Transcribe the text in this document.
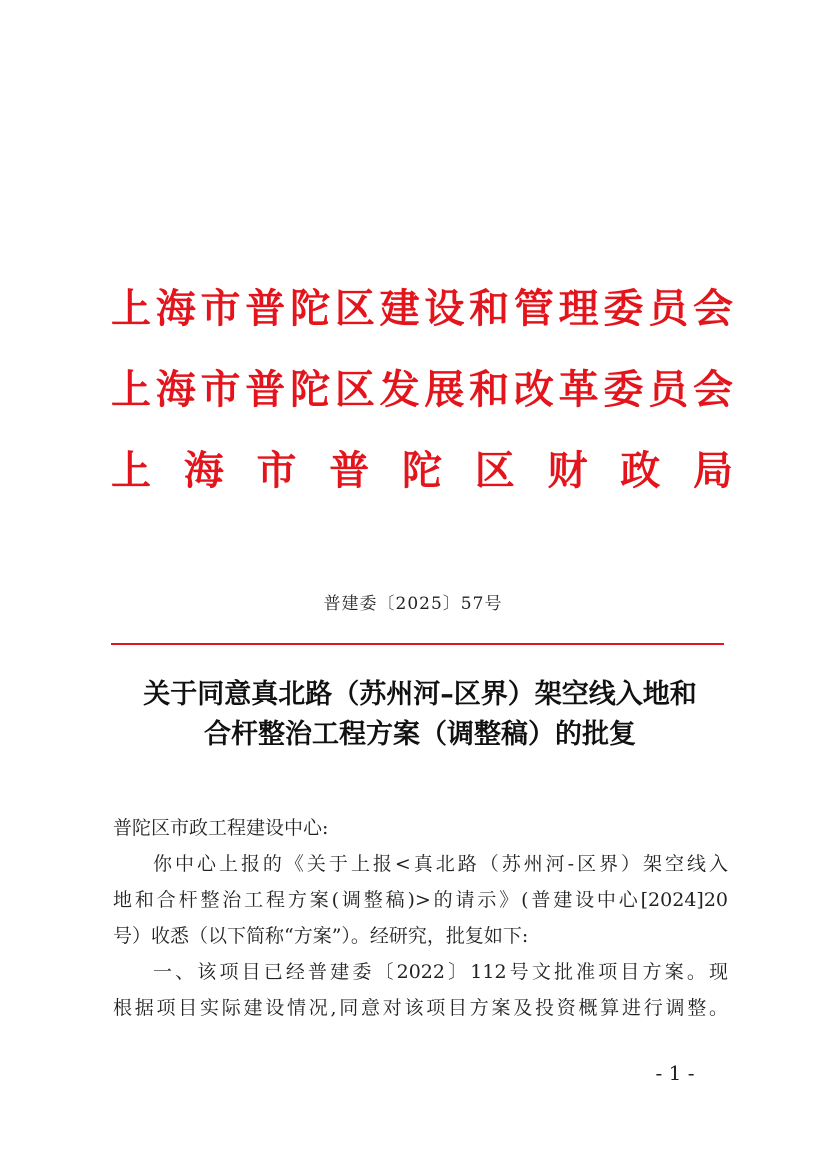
上 海 市 普 陀 区 建 设 和 管 理 委 员 会
上 海 市 普 陀 区 发 展 和 改 革 委 员 会
上 海 市 普 陀 区 财 政 局
普建委〔2025〕57号
关于同意真北路（苏州河–区界）架空线入地和
合杆整治工程方案（调整稿）的批复
普陀区市政工程建设中心:
你中心上报的《关于上报<真北路（苏州河-区界）架空线入
地和合杆整治工程方案(调整稿)>的请示》(普建设中心[2024]20
号）收悉（以下简称“方案”）。经研究，批复如下:
一、该项目已经普建委〔2022〕112号文批准项目方案。现
根据项目实际建设情况,同意对该项目方案及投资概算进行调整。
- 1 -
